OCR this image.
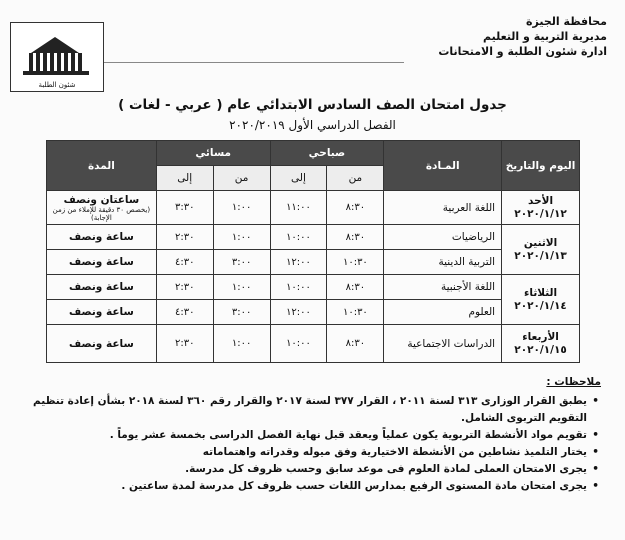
محافظة الجيزة
مديرية التربية و التعليم
ادارة شئون الطلبة و الامتحانات
شئون الطلبة
جدول امتحان الصف السادس الابتدائي عام ( عربي - لغات )
الفصل الدراسي الأول ٢٠٢٠/٢٠١٩
اليوم والتاريخ	المـادة	صباحي		مسائي		المدة
		من	إلى	من	إلى	
الأحد
٢٠٢٠/١/١٢	اللغة العربية	٨:٣٠	١١:٠٠	١:٠٠	٣:٣٠	ساعتان ونصف
(يخصص ٣٠ دقيقة للإملاء من زمن الإجابة)

الاثنين
٢٠٢٠/١/١٣	الرياضيات	٨:٣٠	١٠:٠٠	١:٠٠	٢:٣٠	ساعة ونصف
	التربية الدينية	١٠:٣٠	١٢:٠٠	٣:٠٠	٤:٣٠	ساعة ونصف
الثلاثاء
٢٠٢٠/١/١٤	اللغة الأجنبية	٨:٣٠	١٠:٠٠	١:٠٠	٢:٣٠	ساعة ونصف
	العلوم	١٠:٣٠	١٢:٠٠	٣:٠٠	٤:٣٠	ساعة ونصف
الأربعاء
٢٠٢٠/١/١٥	الدراسات الاجتماعية	٨:٣٠	١٠:٠٠	١:٠٠	٢:٣٠	ساعة ونصف
ملاحظات :
• يطبق القرار الوزارى ٣١٣ لسنة ٢٠١١ ، القرار ٣٧٧ لسنة ٢٠١٧ والقرار رقم ٣٦٠ لسنة ٢٠١٨ بشأن إعادة تنظيم التقويم التربوى الشامل.
• تقويم مواد الأنشطة التربوية يكون عملياً ويعقد قبل نهاية الفصل الدراسى بخمسة عشر يوماً .
• يختار التلميذ نشاطين من الأنشطة الاختيارية وفق ميوله وقدراته واهتماماته
• يجرى الامتحان العملى لمادة العلوم فى موعد سابق وحسب ظروف كل مدرسة.
• يجرى امتحان مادة المستوى الرفيع بمدارس اللغات حسب ظروف كل مدرسة لمدة ساعتين .
